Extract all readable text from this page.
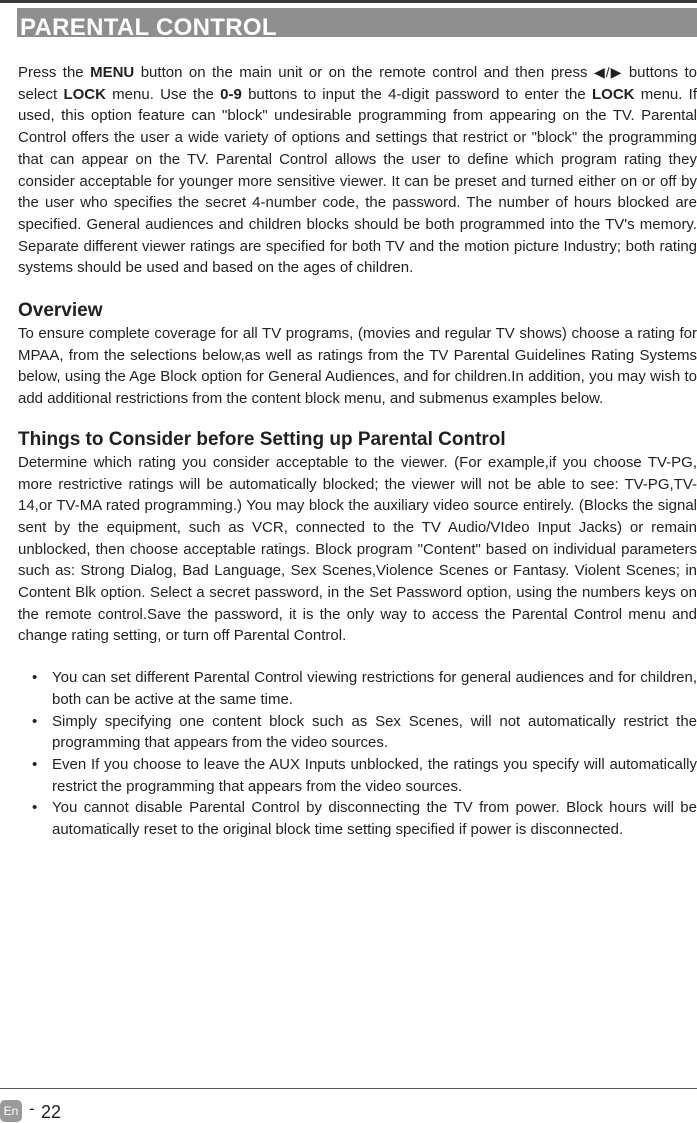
PARENTAL CONTROL

Press the MENU button on the main unit or on the remote control and then press ◀/▶ buttons to select LOCK menu. Use the 0-9 buttons to input the 4-digit password to enter the LOCK menu. If used, this option feature can "block" undesirable programming from appearing on the TV. Parental Control offers the user a wide variety of options and settings that restrict or "block" the programming that can appear on the TV. Parental Control allows the user to define which program rating they consider acceptable for younger more sensitive viewer. It can be preset and turned either on or off by the user who specifies the secret 4-number code, the password. The number of hours blocked are specified. General audiences and children blocks should be both programmed into the TV's memory. Separate different viewer ratings are specified for both TV and the motion picture Industry; both rating systems should be used and based on the ages of children.

Overview

To ensure complete coverage for all TV programs, (movies and regular TV shows) choose a rating for MPAA, from the selections below,as well as ratings from the TV Parental Guidelines Rating Systems below, using the Age Block option for General Audiences, and for children.In addition, you may wish to add additional restrictions from the content block menu, and submenus examples below.

Things to Consider before Setting up Parental Control

Determine which rating you consider acceptable to the viewer. (For example,if you choose TV-PG, more restrictive ratings will be automatically blocked; the viewer will not be able to see: TV-PG,TV-14,or TV-MA rated programming.) You may block the auxiliary video source entirely. (Blocks the signal sent by the equipment, such as VCR, connected to the TV Audio/VIdeo Input Jacks) or remain unblocked, then choose acceptable ratings. Block program "Content" based on individual parameters such as: Strong Dialog, Bad Language, Sex Scenes,Violence Scenes or Fantasy. Violent Scenes; in Content Blk option. Select a secret password, in the Set Password option, using the numbers keys on the remote control.Save the password, it is the only way to access the Parental Control menu and change rating setting, or turn off Parental Control.

• You can set different Parental Control viewing restrictions for general audiences and for children, both can be active at the same time.
• Simply specifying one content block such as Sex Scenes, will not automatically restrict the programming that appears from the video sources.
• Even If you choose to leave the AUX Inputs unblocked, the ratings you specify will automatically restrict the programming that appears from the video sources.
• You cannot disable Parental Control by disconnecting the TV from power. Block hours will be automatically reset to the original block time setting specified if power is disconnected.
En - 22
